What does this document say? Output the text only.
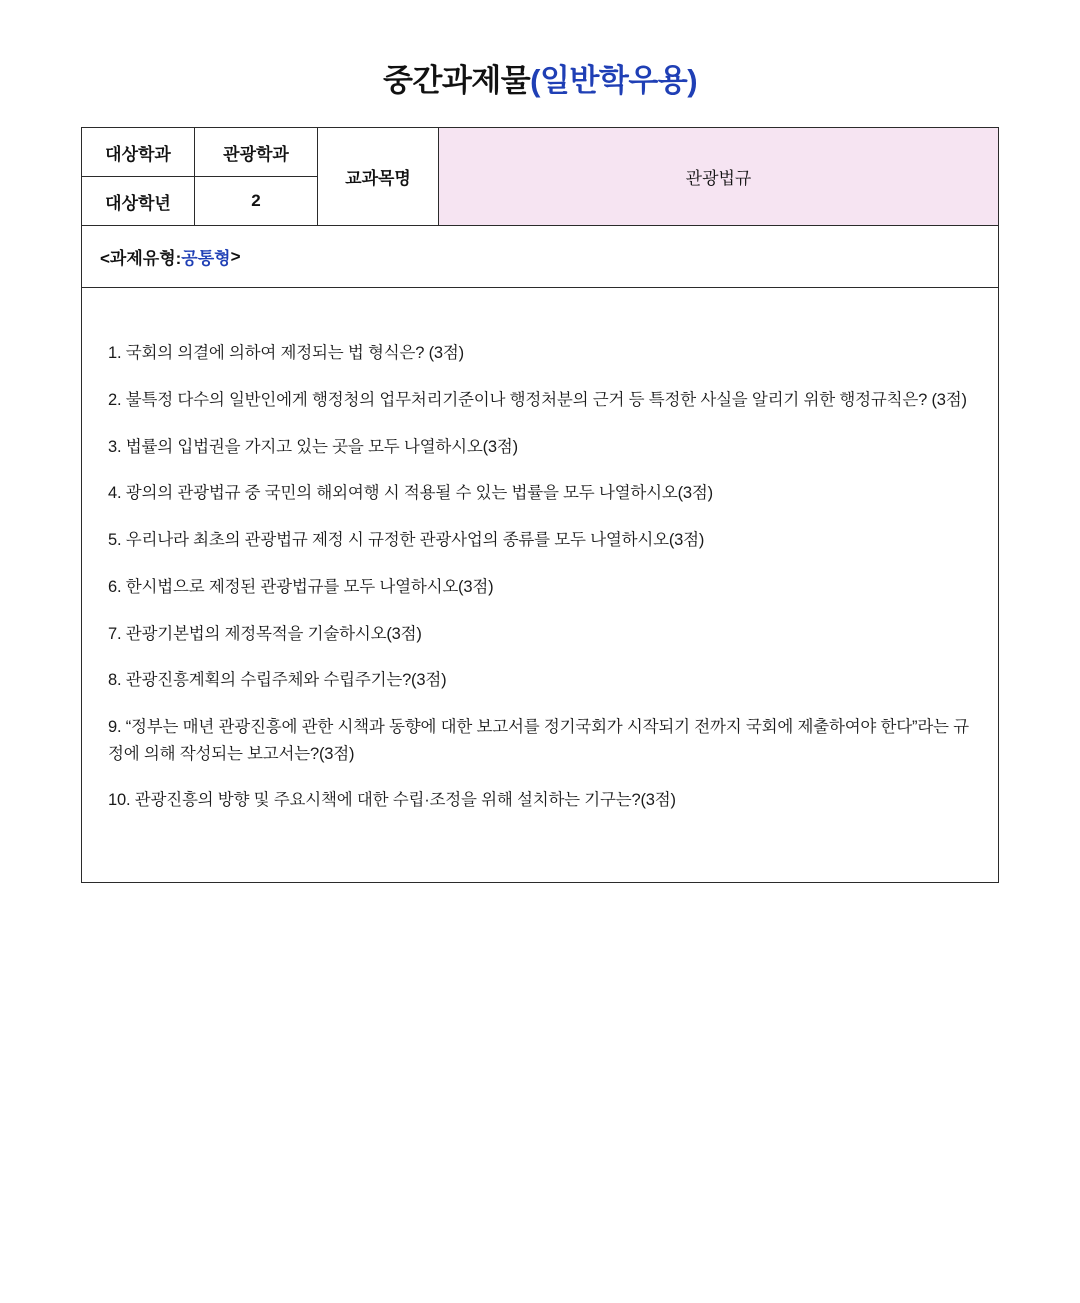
중간과제물(일반학우용)
대상학과	관광학과	교과목명	관광법규
대상학년	2		
<과제유형: 공통형 >

1. 국회의 의결에 의하여 제정되는 법 형식은? (3점)

2. 불특정 다수의 일반인에게 행정청의 업무처리기준이나 행정처분의 근거 등 특정한 사실을 알리기 위한 행정규칙은? (3점)

3. 법률의 입법권을 가지고 있는 곳을 모두 나열하시오(3점)

4. 광의의 관광법규 중 국민의 해외여행 시 적용될 수 있는 법률을 모두 나열하시오(3점)

5. 우리나라 최초의 관광법규 제정 시 규정한 관광사업의 종류를 모두 나열하시오(3점)

6. 한시법으로 제정된 관광법규를 모두 나열하시오(3점)

7. 관광기본법의 제정목적을 기술하시오(3점)

8. 관광진흥계획의 수립주체와 수립주기는?(3점)

9. “정부는 매년 관광진흥에 관한 시책과 동향에 대한 보고서를 정기국회가 시작되기 전까지 국회에 제출하여야 한다”라는 규정에 의해 작성되는 보고서는?(3점)

10. 관광진흥의 방향 및 주요시책에 대한 수립·조정을 위해 설치하는 기구는?(3점)
